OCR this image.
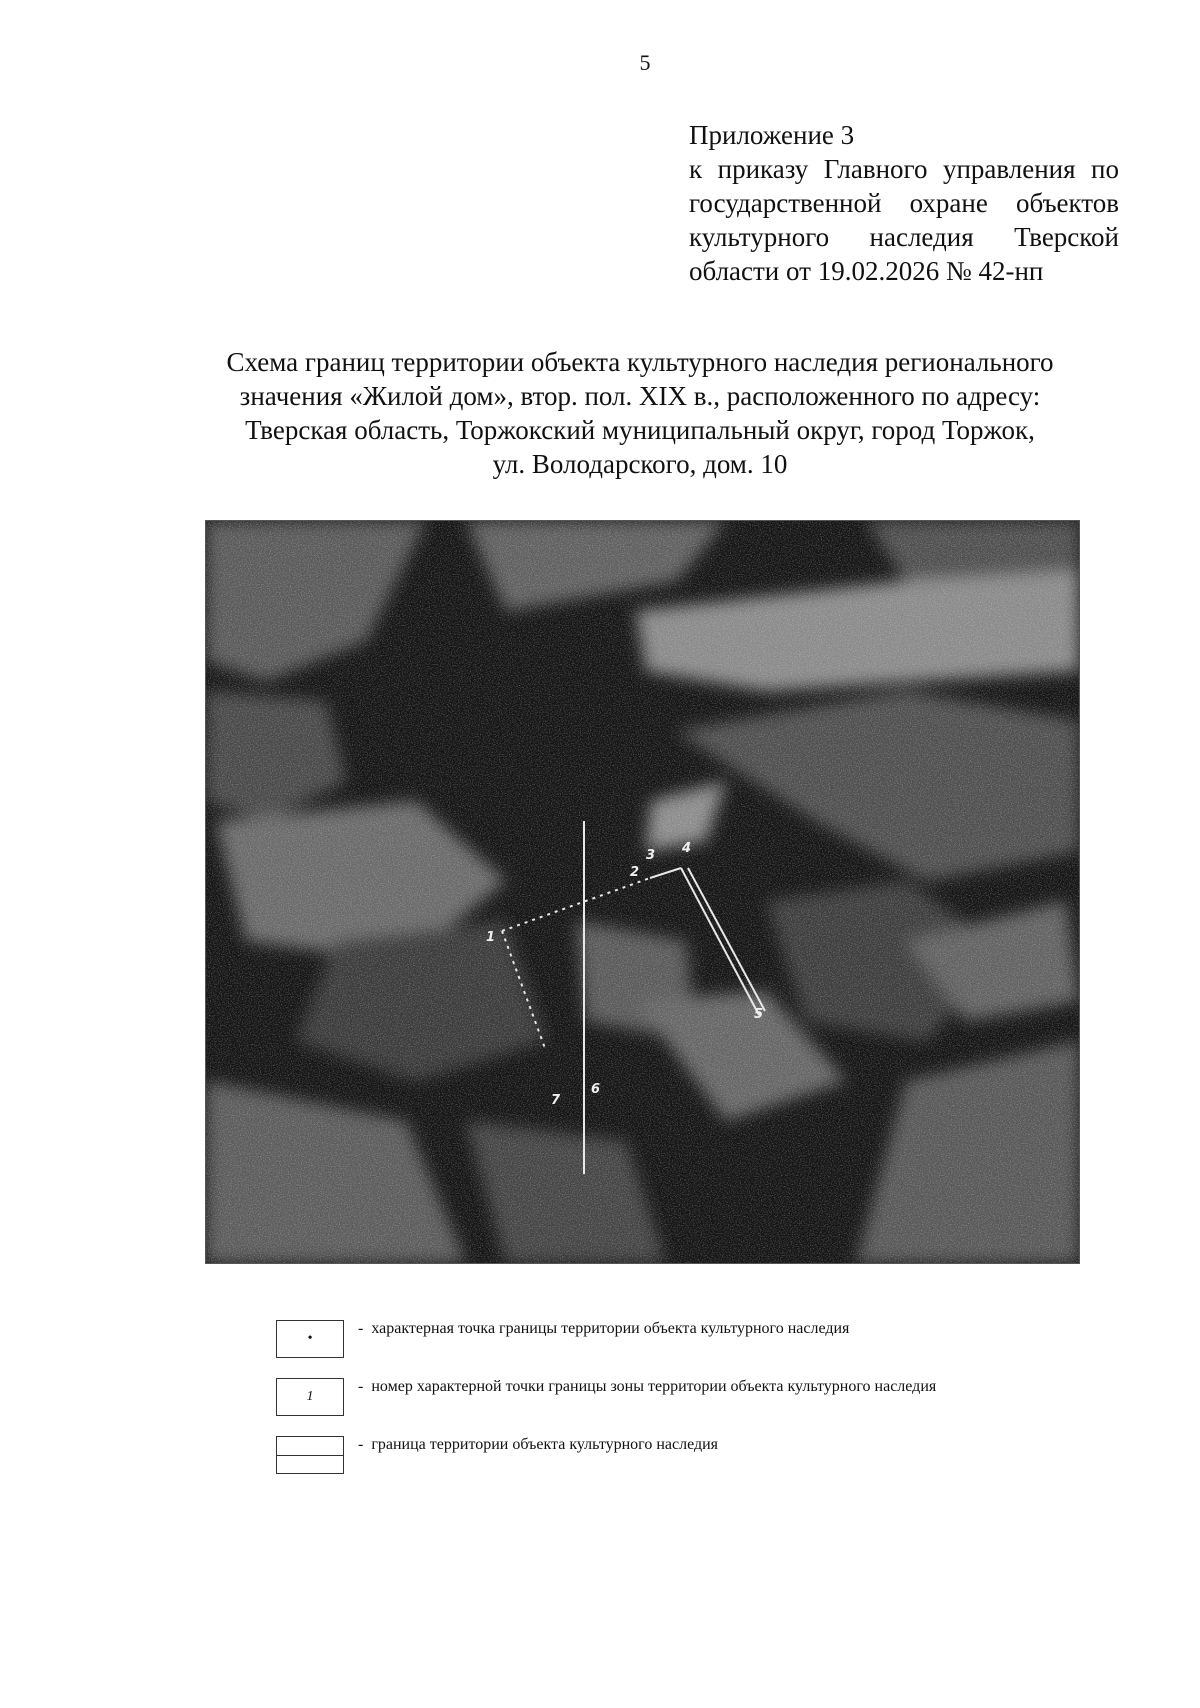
5
Приложение 3
к приказу Главного управления по
государственной охране объектов
культурного наследия Тверской
области от 19.02.2026 № 42-нп
Схема границ территории объекта культурного наследия регионального
значения «Жилой дом», втор. пол. XIX в., расположенного по адресу:
Тверская область, Торжокский муниципальный округ, город Торжок,
ул. Володарского, дом. 10
1
2
3 4
5
6
7
•
- характерная точка границы территории объекта культурного наследия
1
- номер характерной точки границы зоны территории объекта культурного наследия
- граница территории объекта культурного наследия
